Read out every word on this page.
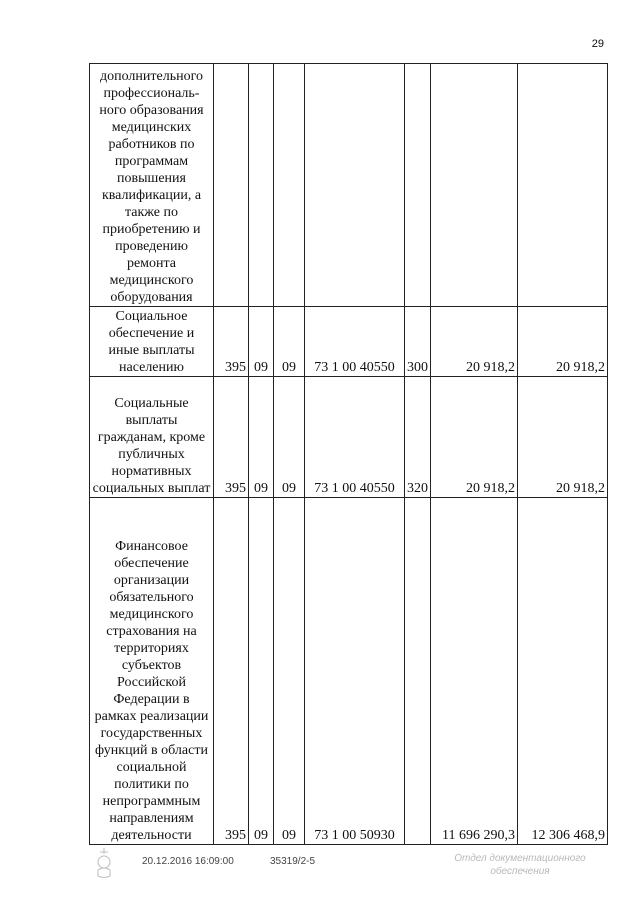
29
дополнительного профессиональ-ного образования медицинских работников по программам повышения квалификации, а также по приобретению и проведению ремонта медицинского оборудования							
Социальное обеспечение и иные выплаты населению	395	09	09	73 1 00 40550	300	20 918,2	20 918,2
Социальные выплаты гражданам, кроме публичных нормативных социальных выплат	395	09	09	73 1 00 40550	320	20 918,2	20 918,2
Финансовое обеспечение организации обязательного медицинского страхования на территориях субъектов Российской Федерации в рамках реализации государственных функций в области социальной политики по непрограммным направлениям деятельности	395	09	09	73 1 00 50930		11 696 290,3	12 306 468,9
20.12.2016 16:09:00	35319/2-5	Отдел документационного
обеспечения
